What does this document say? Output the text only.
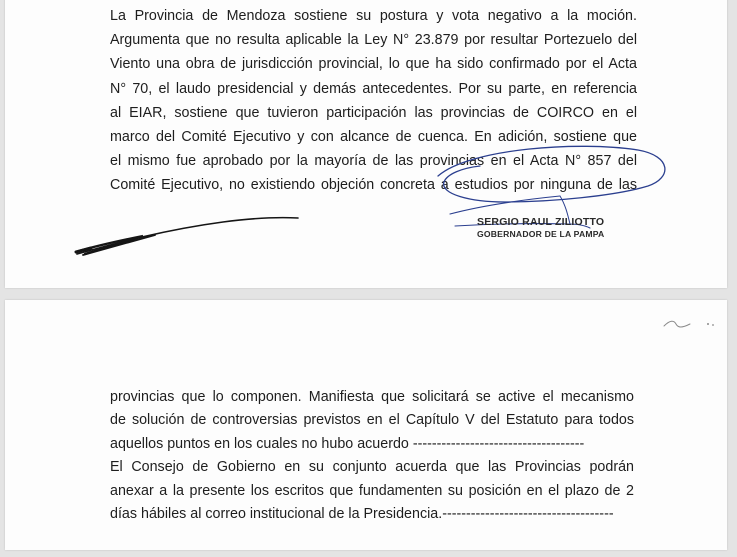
La Provincia de Mendoza sostiene su postura y vota negativo a la moción.
Argumenta que no resulta aplicable la Ley N° 23.879 por resultar Portezuelo del
Viento una obra de jurisdicción provincial, lo que ha sido confirmado por el Acta
N° 70, el laudo presidencial y demás antecedentes. Por su parte, en referencia
al EIAR, sostiene que tuvieron participación las provincias de COIRCO en el
marco del Comité Ejecutivo y con alcance de cuenca. En adición, sostiene que
el mismo fue aprobado por la mayoría de las provincias en el Acta N° 857 del
Comité Ejecutivo, no existiendo objeción concreta a estudios por ninguna de las
SERGIO RAUL ZILIOTTO
GOBERNADOR DE LA PAMPA
provincias que lo componen. Manifiesta que solicitará se active el mecanismo
de solución de controversias previstos en el Capítulo V del Estatuto para todos
aquellos puntos en los cuales no hubo acuerdo ------------------------------------
El Consejo de Gobierno en su conjunto acuerda que las Provincias podrán
anexar a la presente los escritos que fundamenten su posición en el plazo de 2
días hábiles al correo institucional de la Presidencia.------------------------------------
